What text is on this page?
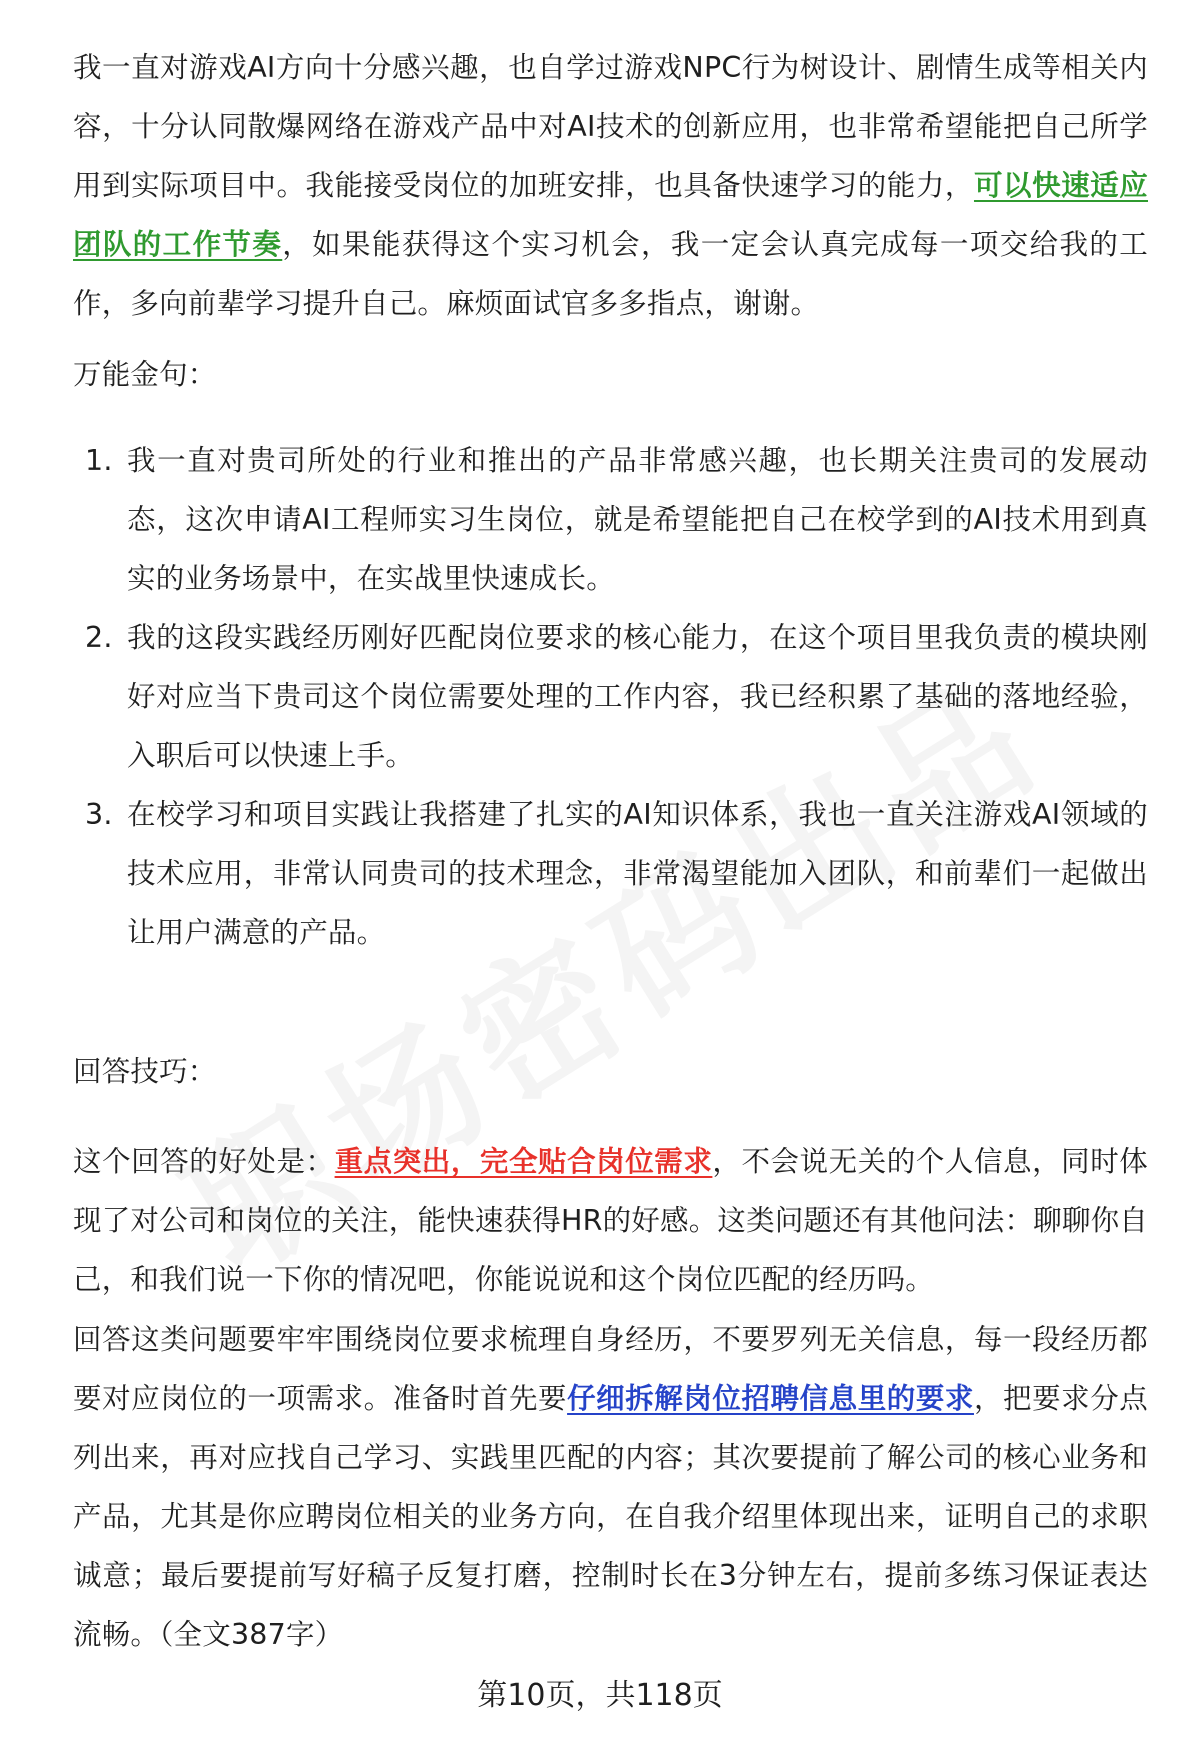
我一直对游戏AI方向十分感兴趣，也自学过游戏NPC行为树设计、剧情生成等相关内容，十分认同散爆网络在游戏产品中对AI技术的创新应用，也非常希望能把自己所学用到实际项目中。我能接受岗位的加班安排，也具备快速学习的能力，可以快速适应团队的工作节奏，如果能获得这个实习机会，我一定会认真完成每一项交给我的工作，多向前辈学习提升自己。麻烦面试官多多指点，谢谢。

万能金句：

1. 我一直对贵司所处的行业和推出的产品非常感兴趣，也长期关注贵司的发展动态，这次申请AI工程师实习生岗位，就是希望能把自己在校学到的AI技术用到真实的业务场景中，在实战里快速成长。
2. 我的这段实践经历刚好匹配岗位要求的核心能力，在这个项目里我负责的模块刚好对应当下贵司这个岗位需要处理的工作内容，我已经积累了基础的落地经验，入职后可以快速上手。
3. 在校学习和项目实践让我搭建了扎实的AI知识体系，我也一直关注游戏AI领域的技术应用，非常认同贵司的技术理念，非常渴望能加入团队，和前辈们一起做出让用户满意的产品。

回答技巧：

这个回答的好处是：重点突出，完全贴合岗位需求，不会说无关的个人信息，同时体现了对公司和岗位的关注，能快速获得HR的好感。这类问题还有其他问法：聊聊你自己，和我们说一下你的情况吧，你能说说和这个岗位匹配的经历吗。

回答这类问题要牢牢围绕岗位要求梳理自身经历，不要罗列无关信息，每一段经历都要对应岗位的一项需求。准备时首先要仔细拆解岗位招聘信息里的要求，把要求分点列出来，再对应找自己学习、实践里匹配的内容；其次要提前了解公司的核心业务和产品，尤其是你应聘岗位相关的业务方向，在自我介绍里体现出来，证明自己的求职诚意；最后要提前写好稿子反复打磨，控制时长在3分钟左右，提前多练习保证表达流畅。（全文387字）

第10页，共118页
